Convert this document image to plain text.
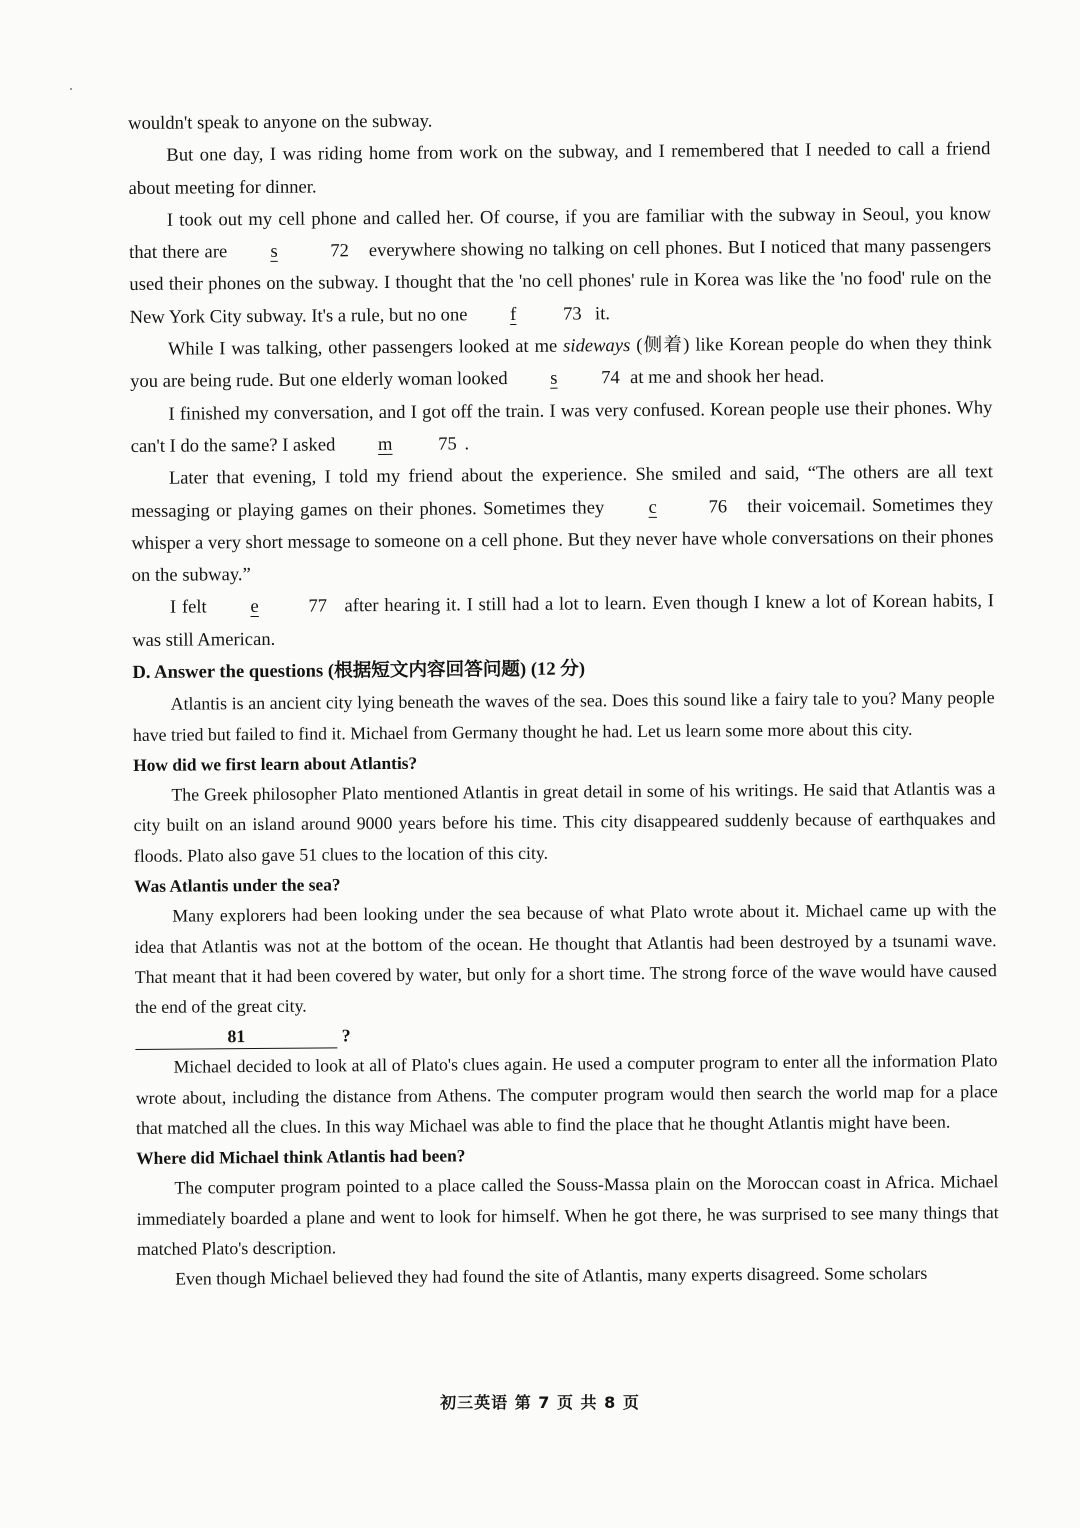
wouldn't speak to anyone on the subway.

But one day, I was riding home from work on the subway, and I remembered that I needed to call a friend about meeting for dinner.

I took out my cell phone and called her. Of course, if you are familiar with the subway in Seoul, you know that there are s	72 everywhere showing no talking on cell phones. But I noticed that many passengers used their phones on the subway. I thought that the 'no cell phones' rule in Korea was like the 'no food' rule on the New York City subway. It's a rule, but no one f	73 it.

While I was talking, other passengers looked at me sideways (侧着) like Korean people do when they think you are being rude. But one elderly woman looked s 74 at me and shook her head.

I finished my conversation, and I got off the train. I was very confused. Korean people use their phones. Why can't I do the same? I asked m 75 .

Later that evening, I told my friend about the experience. She smiled and said, “The others are all text messaging or playing games on their phones. Sometimes they c	76 their voicemail. Sometimes they whisper a very short message to someone on a cell phone. But they never have whole conversations on their phones on the subway.”

I felt e	77 after hearing it. I still had a lot to learn. Even though I knew a lot of Korean habits, I was still American.

D. Answer the questions (根据短文内容回答问题) (12 分)

Atlantis is an ancient city lying beneath the waves of the sea. Does this sound like a fairy tale to you? Many people have tried but failed to find it. Michael from Germany thought he had. Let us learn some more about this city.

How did we first learn about Atlantis?

The Greek philosopher Plato mentioned Atlantis in great detail in some of his writings. He said that Atlantis was a city built on an island around 9000 years before his time. This city disappeared suddenly because of earthquakes and floods. Plato also gave 51 clues to the location of this city.

Was Atlantis under the sea?

Many explorers had been looking under the sea because of what Plato wrote about it. Michael came up with the idea that Atlantis was not at the bottom of the ocean. He thought that Atlantis had been destroyed by a tsunami wave. That meant that it had been covered by water, but only for a short time. The strong force of the wave would have caused the end of the great city.

81	?

Michael decided to look at all of Plato's clues again. He used a computer program to enter all the information Plato wrote about, including the distance from Athens. The computer program would then search the world map for a place that matched all the clues. In this way Michael was able to find the place that he thought Atlantis might have been.

Where did Michael think Atlantis had been?

The computer program pointed to a place called the Souss-Massa plain on the Moroccan coast in Africa. Michael immediately boarded a plane and went to look for himself. When he got there, he was surprised to see many things that matched Plato's description.

Even though Michael believed they had found the site of Atlantis, many experts disagreed. Some scholars

初三英语 第 7 页 共 8 页
